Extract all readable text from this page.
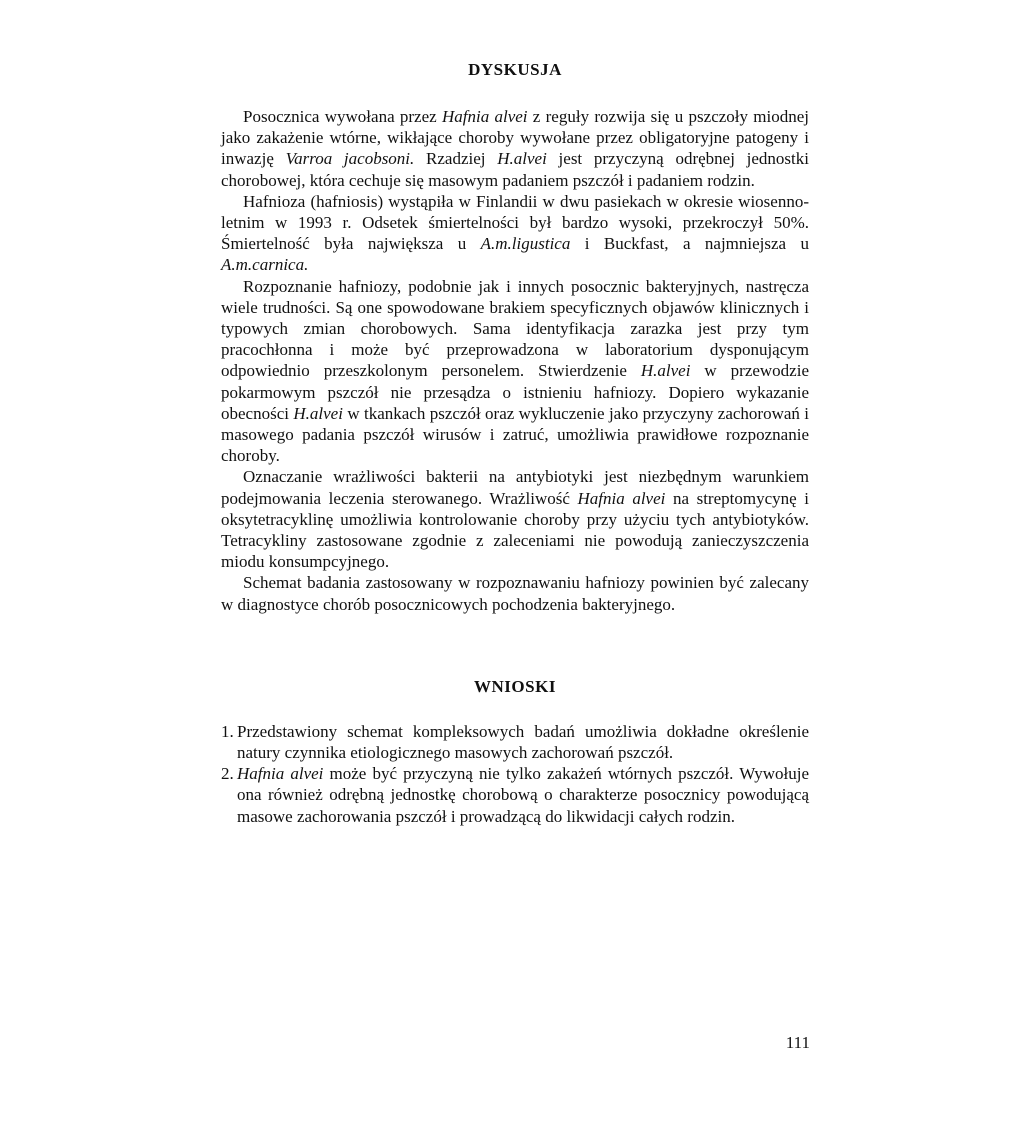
DYSKUSJA

Posocznica wywołana przez Hafnia alvei z reguły rozwija się u pszczoły miodnej jako zakażenie wtórne, wikłające choroby wywołane przez obligatoryjne patogeny i inwazję Varroa jacobsoni. Rzadziej H.alvei jest przyczyną odrębnej jednostki chorobowej, która cechuje się masowym padaniem pszczół i padaniem rodzin.

Hafnioza (hafniosis) wystąpiła w Finlandii w dwu pasiekach w okresie wiosenno-letnim w 1993 r. Odsetek śmiertelności był bardzo wysoki, przekroczył 50%. Śmiertelność była największa u A.m.ligustica i Buckfast, a najmniejsza u A.m.carnica.

Rozpoznanie hafniozy, podobnie jak i innych posocznic bakteryjnych, nastręcza wiele trudności. Są one spowodowane brakiem specyficznych objawów klinicznych i typowych zmian chorobowych. Sama identyfikacja zarazka jest przy tym pracochłonna i może być przeprowadzona w laboratorium dysponującym odpowiednio przeszkolonym personelem. Stwierdzenie H.alvei w przewodzie pokarmowym pszczół nie przesądza o istnieniu hafniozy. Dopiero wykazanie obecności H.alvei w tkankach pszczół oraz wykluczenie jako przyczyny zachorowań i masowego padania pszczół wirusów i zatruć, umożliwia prawidłowe rozpoznanie choroby.

Oznaczanie wrażliwości bakterii na antybiotyki jest niezbędnym warunkiem podejmowania leczenia sterowanego. Wrażliwość Hafnia alvei na streptomycynę i oksytetracyklinę umożliwia kontrolowanie choroby przy użyciu tych antybiotyków. Tetracykliny zastosowane zgodnie z zaleceniami nie powodują zanieczyszczenia miodu konsumpcyjnego.

Schemat badania zastosowany w rozpoznawaniu hafniozy powinien być zalecany w diagnostyce chorób posocznicowych pochodzenia bakteryjnego.

WNIOSKI
1. Przedstawiony schemat kompleksowych badań umożliwia dokładne określenie natury czynnika etiologicznego masowych zachorowań pszczół.
2. Hafnia alvei może być przyczyną nie tylko zakażeń wtórnych pszczół. Wywołuje ona również odrębną jednostkę chorobową o charakterze posocznicy powodującą masowe zachorowania pszczół i prowadzącą do likwidacji całych rodzin.
111
